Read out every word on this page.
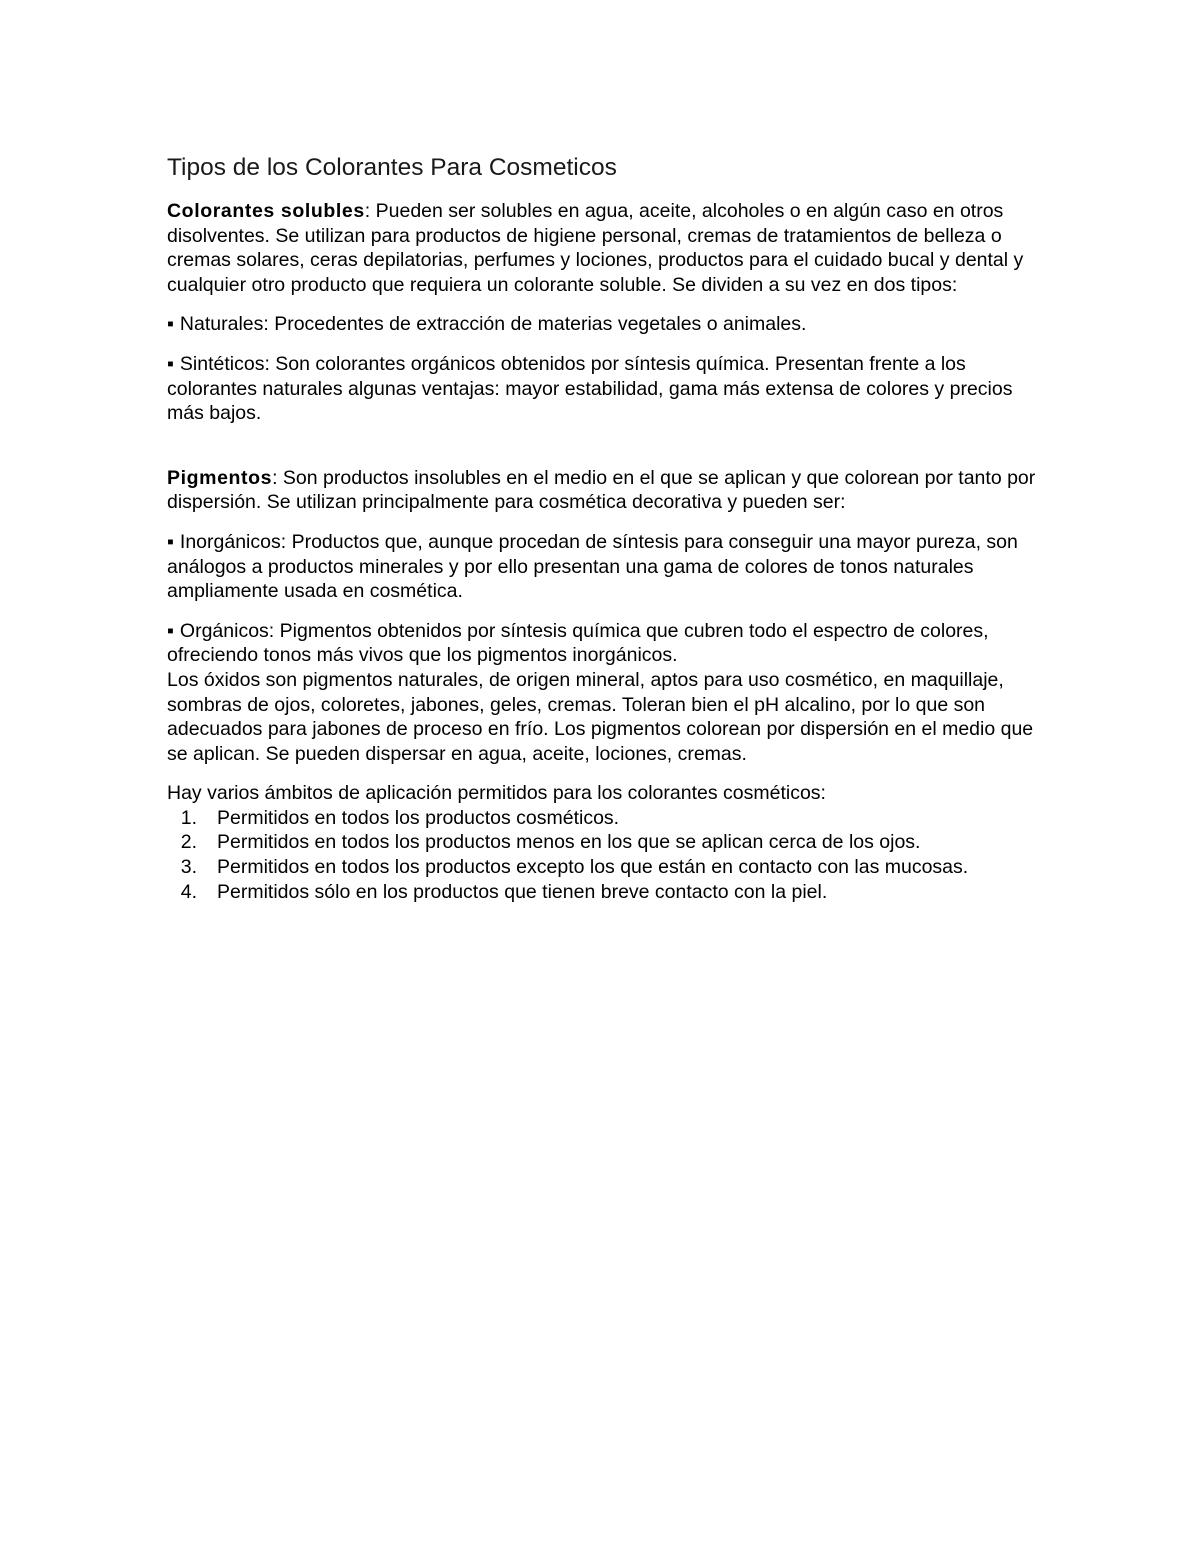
Tipos de los Colorantes Para Cosmeticos

Colorantes solubles: Pueden ser solubles en agua, aceite, alcoholes o en algún caso en otros disolventes. Se utilizan para productos de higiene personal, cremas de tratamientos de belleza o cremas solares, ceras depilatorias, perfumes y lociones, productos para el cuidado bucal y dental y cualquier otro producto que requiera un colorante soluble. Se dividen a su vez en dos tipos:

▪ Naturales: Procedentes de extracción de materias vegetales o animales.

▪ Sintéticos: Son colorantes orgánicos obtenidos por síntesis química. Presentan frente a los colorantes naturales algunas ventajas: mayor estabilidad, gama más extensa de colores y precios más bajos.

Pigmentos: Son productos insolubles en el medio en el que se aplican y que colorean por tanto por dispersión. Se utilizan principalmente para cosmética decorativa y pueden ser:

▪ Inorgánicos: Productos que, aunque procedan de síntesis para conseguir una mayor pureza, son análogos a productos minerales y por ello presentan una gama de colores de tonos naturales ampliamente usada en cosmética.

▪ Orgánicos: Pigmentos obtenidos por síntesis química que cubren todo el espectro de colores, ofreciendo tonos más vivos que los pigmentos inorgánicos.

Los óxidos son pigmentos naturales, de origen mineral, aptos para uso cosmético, en maquillaje, sombras de ojos, coloretes, jabones, geles, cremas. Toleran bien el pH alcalino, por lo que son adecuados para jabones de proceso en frío. Los pigmentos colorean por dispersión en el medio que se aplican. Se pueden dispersar en agua, aceite, lociones, cremas.

Hay varios ámbitos de aplicación permitidos para los colorantes cosméticos:

1.	Permitidos en todos los productos cosméticos.
2.	Permitidos en todos los productos menos en los que se aplican cerca de los ojos.
3.	Permitidos en todos los productos excepto los que están en contacto con las mucosas.
4.	Permitidos sólo en los productos que tienen breve contacto con la piel.
